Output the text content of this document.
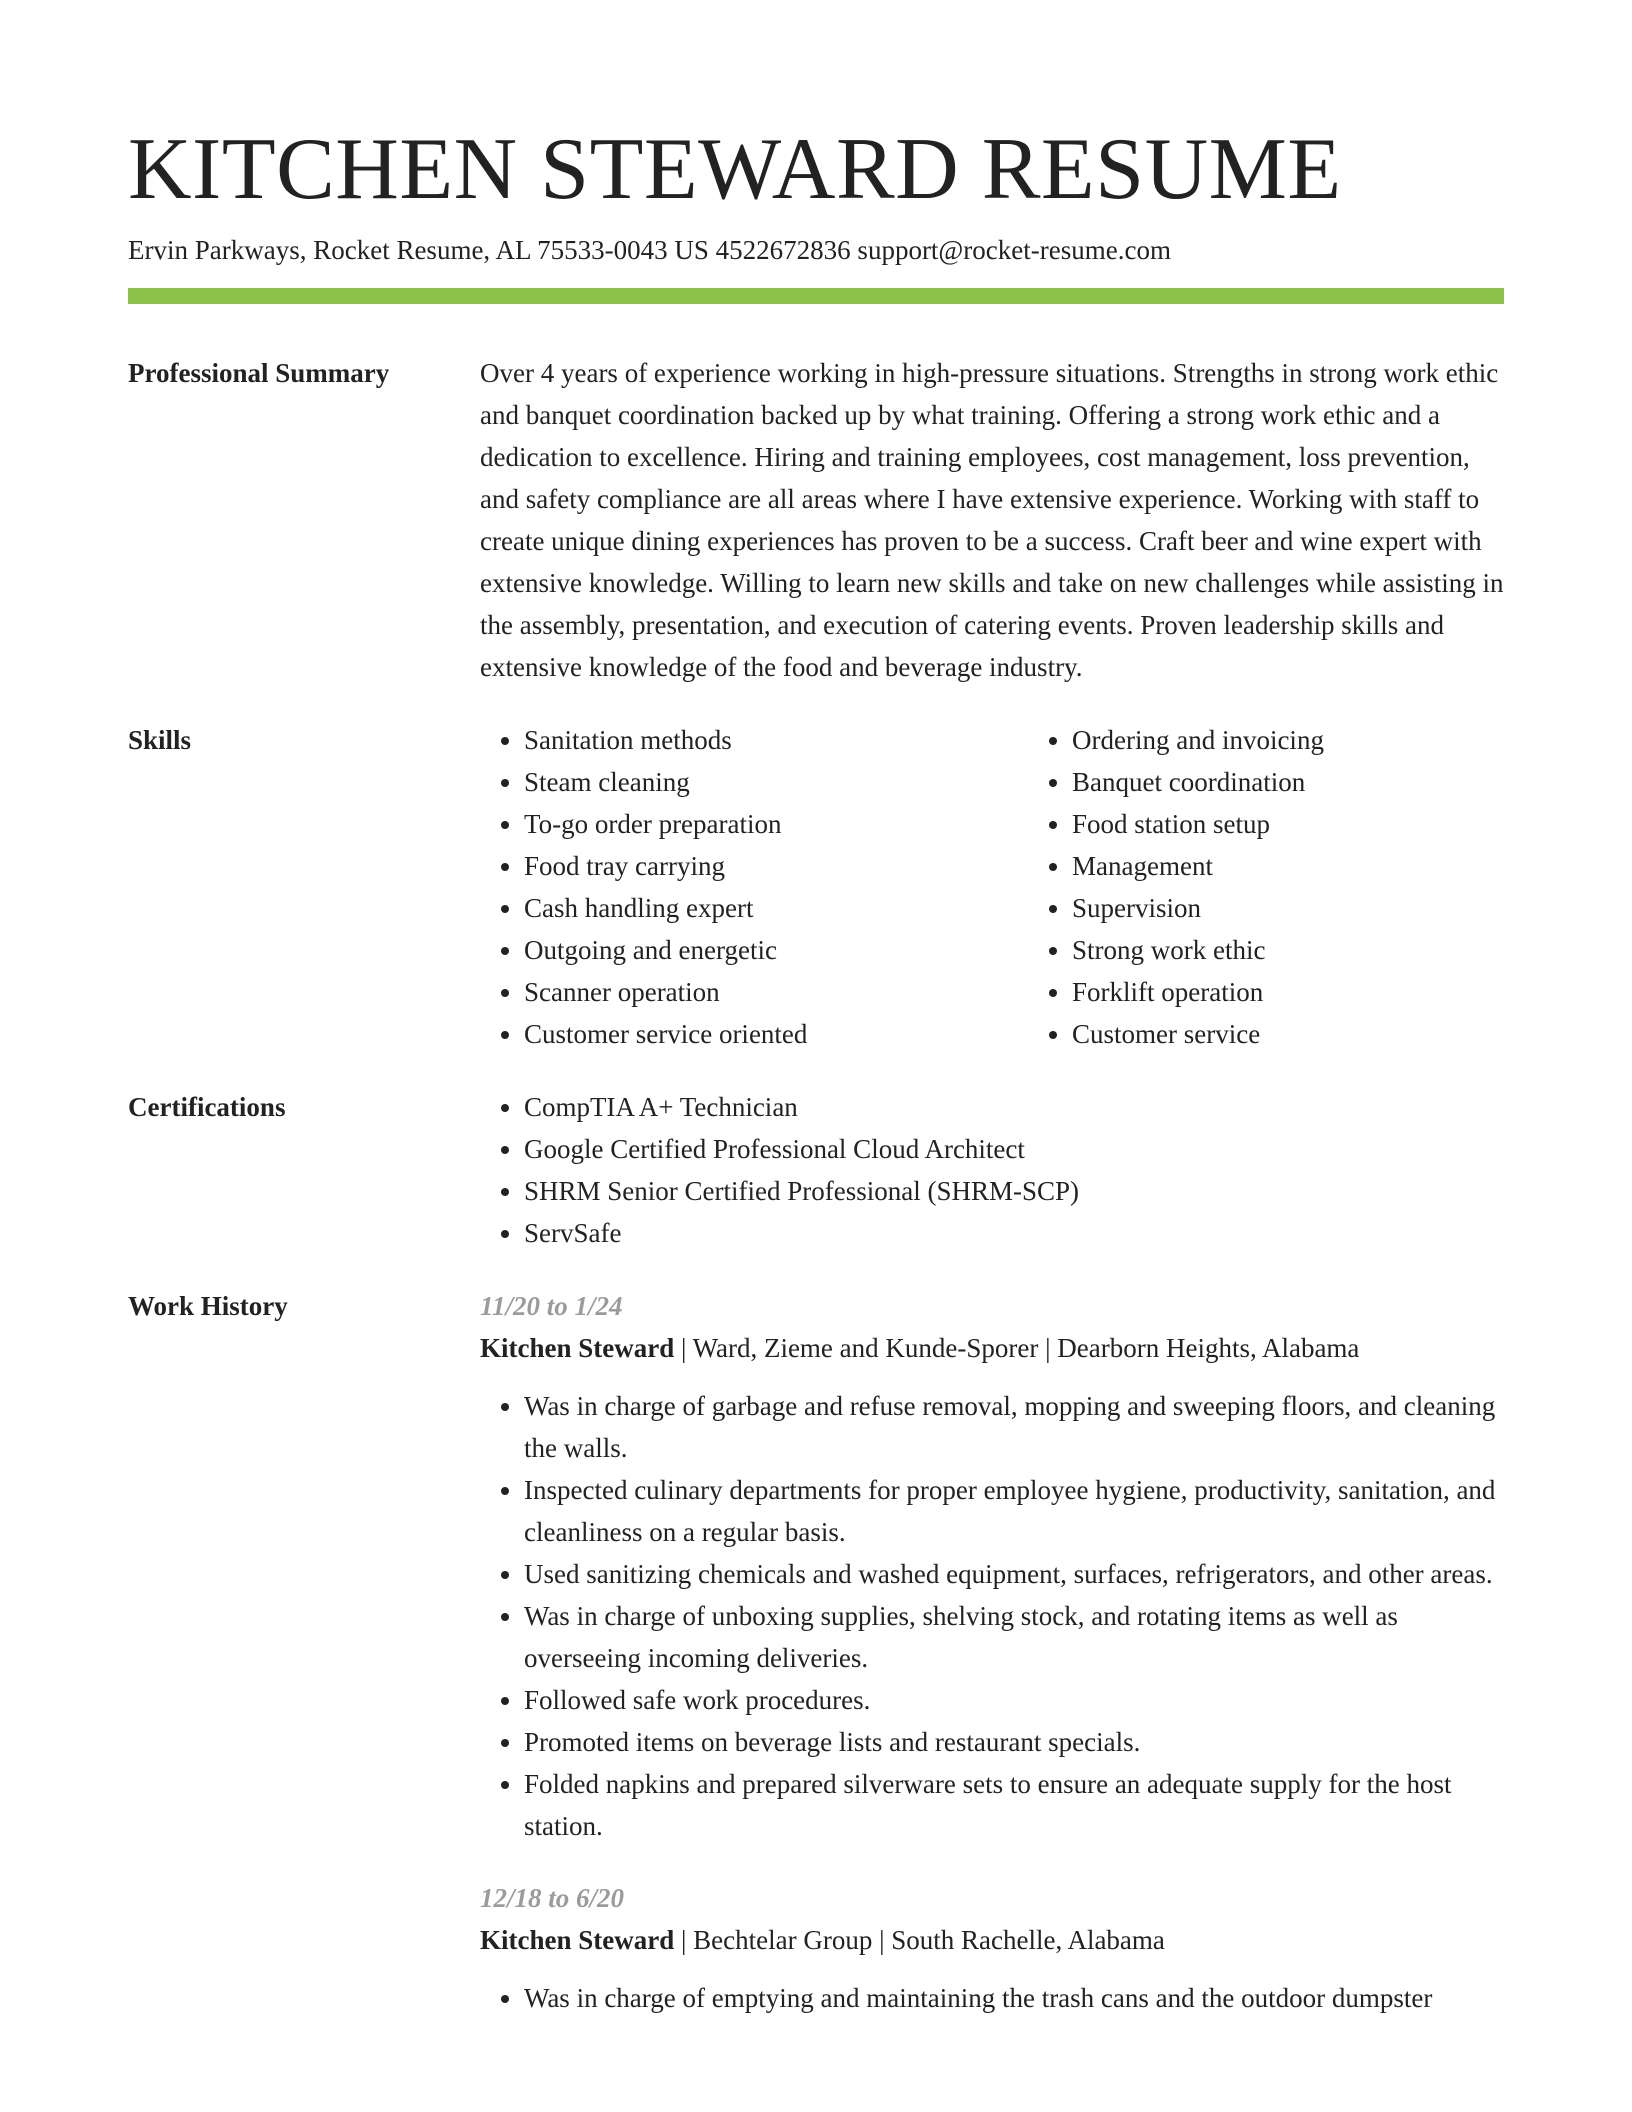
KITCHEN STEWARD RESUME
Ervin Parkways, Rocket Resume, AL 75533-0043 US 4522672836 support@rocket-resume.com
Professional Summary	Over 4 years of experience working in high-pressure situations. Strengths in strong work ethic and banquet coordination backed up by what training. Offering a strong work ethic and a dedication to excellence. Hiring and training employees, cost management, loss prevention, and safety compliance are all areas where I have extensive experience. Working with staff to create unique dining experiences has proven to be a success. Craft beer and wine expert with extensive knowledge. Willing to learn new skills and take on new challenges while assisting in the assembly, presentation, and execution of catering events. Proven leadership skills and extensive knowledge of the food and beverage industry.

Skills	• Sanitation methods
• Steam cleaning
• To-go order preparation
• Food tray carrying
• Cash handling expert
• Outgoing and energetic
• Scanner operation
• Customer service oriented
• Ordering and invoicing
• Banquet coordination
• Food station setup
• Management
• Supervision
• Strong work ethic
• Forklift operation
• Customer service
Certifications	• CompTIA A+ Technician
• Google Certified Professional Cloud Architect
• SHRM Senior Certified Professional (SHRM-SCP)
• ServSafe
Work History	11/20 to 1/24
Kitchen Steward | Ward, Zieme and Kunde-Sporer | Dearborn Heights, Alabama
• Was in charge of garbage and refuse removal, mopping and sweeping floors, and cleaning the walls.
• Inspected culinary departments for proper employee hygiene, productivity, sanitation, and cleanliness on a regular basis.
• Used sanitizing chemicals and washed equipment, surfaces, refrigerators, and other areas.
• Was in charge of unboxing supplies, shelving stock, and rotating items as well as overseeing incoming deliveries.
• Followed safe work procedures.
• Promoted items on beverage lists and restaurant specials.
• Folded napkins and prepared silverware sets to ensure an adequate supply for the host station.
12/18 to 6/20
Kitchen Steward | Bechtelar Group | South Rachelle, Alabama
• Was in charge of emptying and maintaining the trash cans and the outdoor dumpster
